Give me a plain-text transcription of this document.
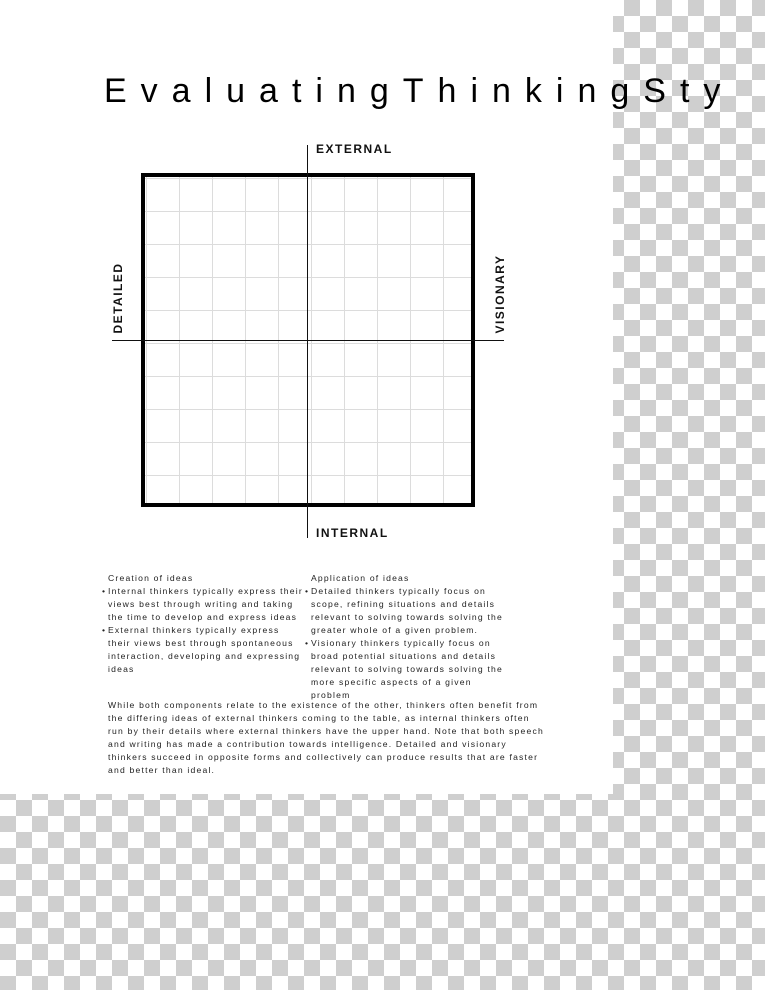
EvaluatingThinkingSty
EXTERNAL
INTERNAL
DETAILED	VISIONARY
Creation of ideas
• Internal thinkers typically express their views best through writing and taking the time to develop and express ideas
• External thinkers typically express their views best through spontaneous interaction, developing and expressing ideas
Application of ideas
• Detailed thinkers typically focus on scope, refining situations and details relevant to solving towards solving the greater whole of a given problem.
• Visionary thinkers typically focus on broad potential situations and details relevant to solving towards solving the more specific aspects of a given problem
While both components relate to the existence of the other, thinkers often benefit from the differing ideas of external thinkers coming to the table, as internal thinkers often run by their details where external thinkers have the upper hand. Note that both speech and writing has made a contribution towards intelligence. Detailed and visionary thinkers succeed in opposite forms and collectively can produce results that are faster and better than ideal.
